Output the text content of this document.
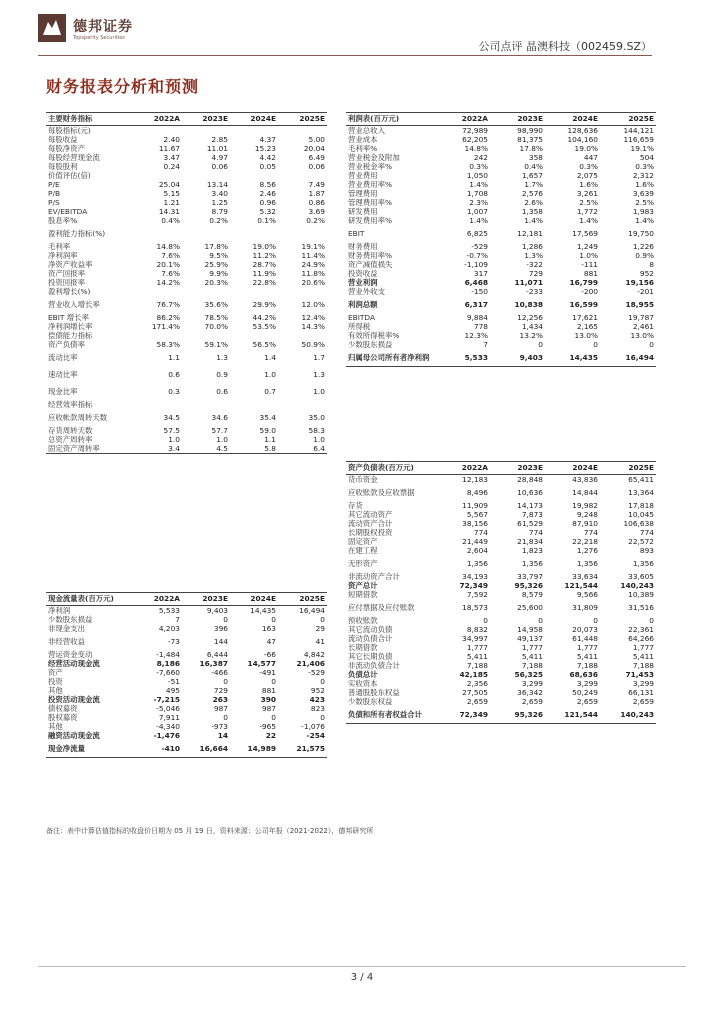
德邦证券
Topsperity Securities
公司点评 晶澳科技（002459.SZ）
财务报表分析和预测
主要财务指标	2022A	2023E	2024E	2025E
每股指标(元)				
每股收益	2.40	2.85	4.37	5.00
每股净资产	11.67	11.01	15.23	20.04
每股经营现金流	3.47	4.97	4.42	6.49
每股股利	0.24	0.06	0.05	0.06
价值评估(倍)				
P/E	25.04	13.14	8.56	7.49
P/B	5.15	3.40	2.46	1.87
P/S	1.21	1.25	0.96	0.86
EV/EBITDA	14.31	8.79	5.32	3.69
股息率%	0.4%	0.2%	0.1%	0.2%
盈利能力指标(%)				
毛利率	14.8%	17.8%	19.0%	19.1%
净利润率	7.6%	9.5%	11.2%	11.4%
净资产收益率	20.1%	25.9%	28.7%	24.9%
资产回报率	7.6%	9.9%	11.9%	11.8%
投资回报率	14.2%	20.3%	22.8%	20.6%
盈利增长(%)				
营业收入增长率	76.7%	35.6%	29.9%	12.0%
EBIT 增长率	86.2%	78.5%	44.2%	12.4%
净利润增长率	171.4%	70.0%	53.5%	14.3%
偿债能力指标				
资产负债率	58.3%	59.1%	56.5%	50.9%
流动比率	1.1	1.3	1.4	1.7
速动比率	0.6	0.9	1.0	1.3
现金比率	0.3	0.6	0.7	1.0
经营效率指标				
应收帐款周转天数	34.5	34.6	35.4	35.0
存货周转天数	57.5	57.7	59.0	58.3
总资产周转率	1.0	1.0	1.1	1.0
固定资产周转率	3.4	4.5	5.8	6.4
利润表(百万元)	2022A	2023E	2024E	2025E
营业总收入	72,989	98,990	128,636	144,121
营业成本	62,205	81,375	104,160	116,659
毛利率%	14.8%	17.8%	19.0%	19.1%
营业税金及附加	242	358	447	504
营业税金率%	0.3%	0.4%	0.3%	0.3%
营业费用	1,050	1,657	2,075	2,312
营业费用率%	1.4%	1.7%	1.6%	1.6%
管理费用	1,708	2,576	3,261	3,639
管理费用率%	2.3%	2.6%	2.5%	2.5%
研发费用	1,007	1,358	1,772	1,983
研发费用率%	1.4%	1.4%	1.4%	1.4%
EBIT	6,825	12,181	17,569	19,750
财务费用	-529	1,286	1,249	1,226
财务费用率%	-0.7%	1.3%	1.0%	0.9%
资产减值损失	-1,109	-322	-111	8
投资收益	317	729	881	952
营业利润	6,468	11,071	16,799	19,156
营业外收支	-150	-233	-200	-201
利润总额	6,317	10,838	16,599	18,955
EBITDA	9,884	12,256	17,621	19,787
所得税	778	1,434	2,165	2,461
有效所得税率%	12.3%	13.2%	13.0%	13.0%
少数股东损益	7	0	0	0
归属母公司所有者净利润	5,533	9,403	14,435	16,494
资产负债表(百万元)	2022A	2023E	2024E	2025E
货币资金	12,183	28,848	43,836	65,411
应收账款及应收票据	8,496	10,636	14,844	13,364
存货	11,909	14,173	19,982	17,818
其它流动资产	5,567	7,873	9,248	10,045
流动资产合计	38,156	61,529	87,910	106,638
长期股权投资	774	774	774	774
固定资产	21,449	21,834	22,218	22,572
在建工程	2,604	1,823	1,276	893
无形资产	1,356	1,356	1,356	1,356
非流动资产合计	34,193	33,797	33,634	33,605
资产总计	72,349	95,326	121,544	140,243
短期借款	7,592	8,579	9,566	10,389
应付票据及应付账款	18,573	25,600	31,809	31,516
预收账款	0	0	0	0
其它流动负债	8,832	14,958	20,073	22,361
流动负债合计	34,997	49,137	61,448	64,266
长期借款	1,777	1,777	1,777	1,777
其它长期负债	5,411	5,411	5,411	5,411
非流动负债合计	7,188	7,188	7,188	7,188
负债总计	42,185	56,325	68,636	71,453
实收资本	2,356	3,299	3,299	3,299
普通股股东权益	27,505	36,342	50,249	66,131
少数股东权益	2,659	2,659	2,659	2,659
负债和所有者权益合计	72,349	95,326	121,544	140,243
现金流量表(百万元)	2022A	2023E	2024E	2025E
净利润	5,533	9,403	14,435	16,494
少数股东损益	7	0	0	0
非现金支出	4,203	396	163	29
非经营收益	-73	144	47	41
营运资金变动	-1,484	6,444	-66	4,842
经营活动现金流	8,186	16,387	14,577	21,406
资产	-7,660	-466	-491	-529
投资	-51	0	0	0
其他	495	729	881	952
投资活动现金流	-7,215	263	390	423
债权募资	-5,046	987	987	823
股权募资	7,911	0	0	0
其他	-4,340	-973	-965	-1,076
融资活动现金流	-1,476	14	22	-254
现金净流量	-410	16,664	14,989	21,575
备注：表中计算估值指标的收盘价日期为 05 月 19 日，资料来源：公司年报（2021-2022），德邦研究所
3 / 4
